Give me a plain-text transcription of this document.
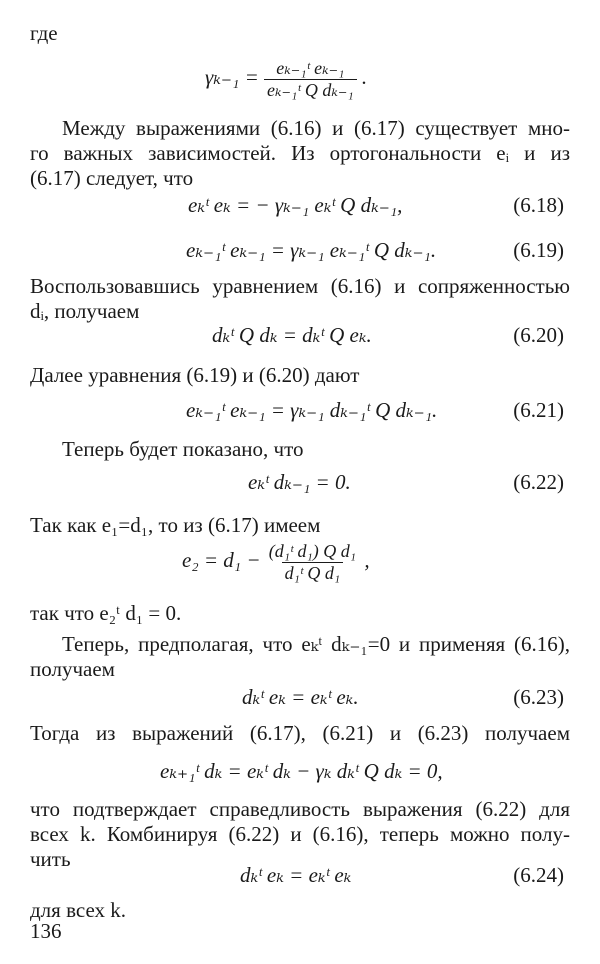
где
$\gamma_{k-1} = \frac{\text{eₖ₋₁ᵗ eₖ₋₁}}{\text{eₖ₋₁ᵗ Q dₖ₋₁}}$ .
Между выражениями (6.16) и (6.17) существует мно-
го важных зависимостей. Из ортогональности eᵢ и из
(6.17) следует, что
eₖᵗ eₖ = − γₖ₋₁ eₖᵗ Q dₖ₋₁,	(6.18)
eₖ₋₁ᵗ eₖ₋₁ = γₖ₋₁ eₖ₋₁ᵗ Q dₖ₋₁.	(6.19)
Воспользовавшись уравнением (6.16) и сопряженностью
dᵢ, получаем
dₖᵗ Q dₖ = dₖᵗ Q eₖ.	(6.20)
Далее уравнения (6.19) и (6.20) дают
eₖ₋₁ᵗ eₖ₋₁ = γₖ₋₁ dₖ₋₁ᵗ Q dₖ₋₁.	(6.21)
Теперь будет показано, что
eₖᵗ dₖ₋₁ = 0.	(6.22)
Так как e₁=d₁, то из (6.17) имеем
$e_2 = d_1 - \frac{\text{(d₁ᵗ d₁) Q d₁}}{\text{d₁ᵗ Q d₁}}$ ,
так что e₂ᵗ d₁ = 0.
Теперь, предполагая, что eₖᵗ dₖ₋₁=0 и применяя (6.16),
получаем
dₖᵗ eₖ = eₖᵗ eₖ.	(6.23)
Тогда из выражений (6.17), (6.21) и (6.23) получаем
eₖ₊₁ᵗ dₖ = eₖᵗ dₖ − γₖ dₖᵗ Q dₖ = 0,
что подтверждает справедливость выражения (6.22) для
всех k. Комбинируя (6.22) и (6.16), теперь можно полу-
чить
dₖᵗ eₖ = eₖᵗ eₖ	(6.24)
для всех k.
136
